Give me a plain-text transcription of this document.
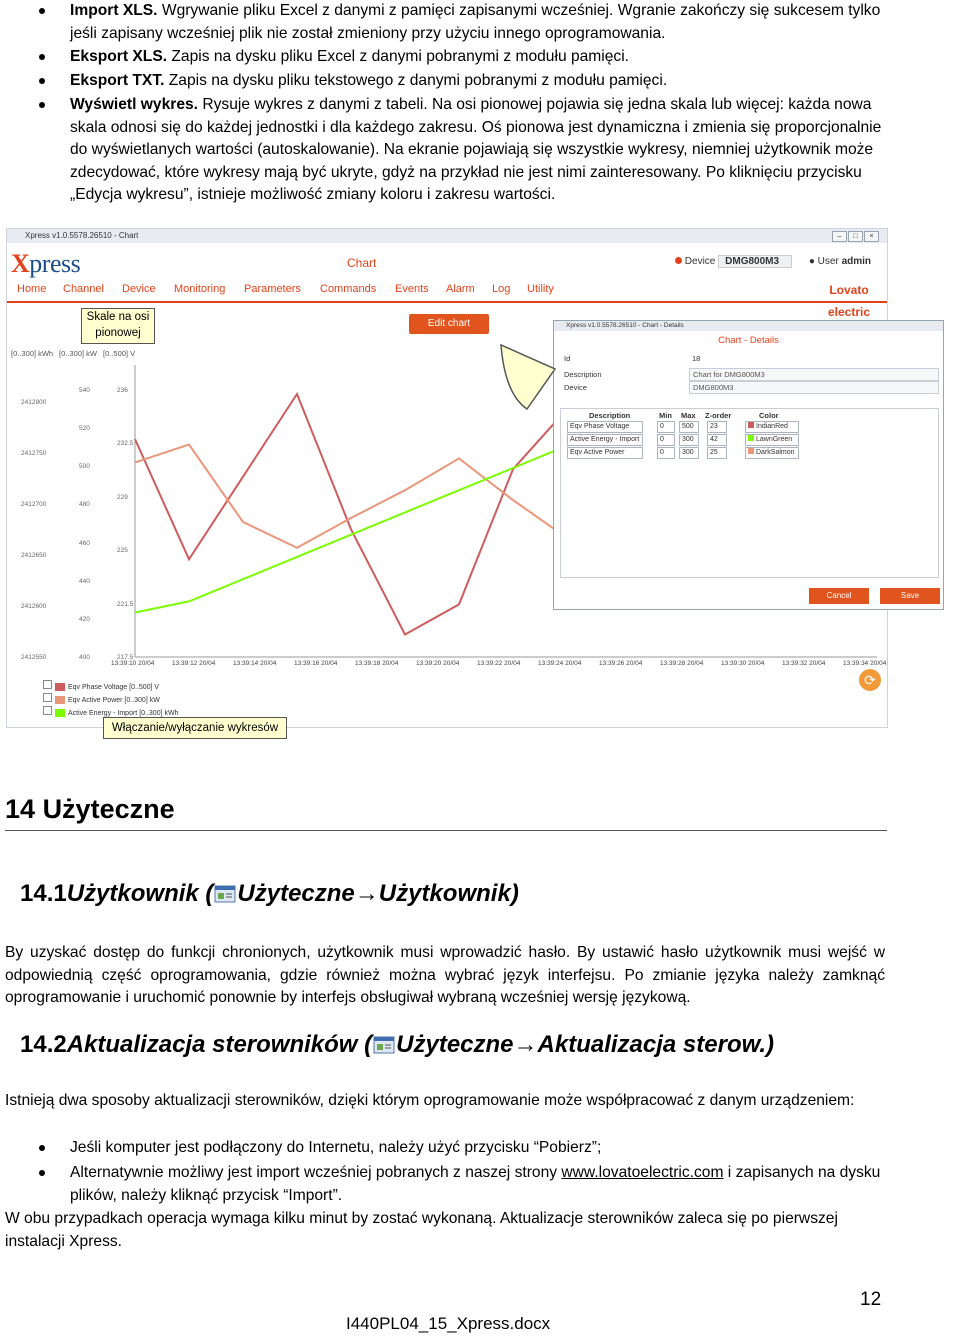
Import XLS. Wgrywanie pliku Excel z danymi z pamięci zapisanymi wcześniej. Wgranie zakończy się sukcesem tylko jeśli zapisany wcześniej plik nie został zmieniony przy użyciu innego oprogramowania.
Eksport XLS. Zapis na dysku pliku Excel z danymi pobranymi z modułu pamięci.
Eksport TXT. Zapis na dysku pliku tekstowego z danymi pobranymi z modułu pamięci.
Wyświetl wykres. Rysuje wykres z danymi z tabeli. Na osi pionowej pojawia się jedna skala lub więcej: każda nowa skala odnosi się do każdej jednostki i dla każdego zakresu. Oś pionowa jest dynamiczna i zmienia się proporcjonalnie do wyświetlanych wartości (autoskalowanie). Na ekranie pojawiają się wszystkie wykresy, niemniej użytkownik może zdecydować, które wykresy mają być ukryte, gdyż na przykład nie jest nimi zainteresowany. Po kliknięciu przycisku „Edycja wykresu”, istnieje możliwość zmiany koloru i zakresu wartości.
Xpress v1.0.5578.26510 - Chart	–	□	×
Xpress	Chart	Device DMG800M3	● User admin
Home Channel Device Monitoring Parameters Commands Events Alarm Log Utility	Lovato electric
Edit chart
[0..300] kWh [0..300] kW [0..500] V
2412800
2412750
2412700
2412650
2412600
2412550
540
520
500
480
460
440
420
400
236
232.5
229
225
221.5
217.5
13:39:10 20/04	13:39:12 20/04	13:39:14 20/04	13:39:16 20/04	13:39:18 20/04	13:39:20 20/04	13:39:22 20/04	13:39:24 20/04	13:39:26 20/04	13:39:28 20/04	13:39:30 20/04	13:39:32 20/04	13:39:34 20/04
Eqv Phase Voltage [0..500] V
Eqv Active Power [0..300] kW
Active Energy - Import [0..300] kWh
⟳
Xpress v1.0.5578.26510 - Chart - Details
Chart - Details
Id	18
Description	Chart for DMG800M3
Device	DMG800M3
Description	Min Max Z-order	Color
Eqv Phase Voltage	0	500	23	IndianRed
Active Energy - Import	0	300	42	LawnGreen
Eqv Active Power	0	300	25	DarkSalmon
Cancel	Save
Skale na osi pionowej
Włączanie/wyłączanie wykresów
14 Użyteczne
14.1Użytkownik ( Użyteczne→Użytkownik)
By uzyskać dostęp do funkcji chronionych, użytkownik musi wprowadzić hasło. By ustawić hasło użytkownik musi wejść w odpowiednią część oprogramowania, gdzie również można wybrać język interfejsu. Po zmianie języka należy zamknąć oprogramowanie i uruchomić ponownie by interfejs obsługiwał wybraną wcześniej wersję językową.
14.2Aktualizacja sterowników ( Użyteczne→Aktualizacja sterow.)
Istnieją dwa sposoby aktualizacji sterowników, dzięki którym oprogramowanie może współpracować z danym urządzeniem:
Jeśli komputer jest podłączony do Internetu, należy użyć przycisku “Pobierz”;
Alternatywnie możliwy jest import wcześniej pobranych z naszej strony www.lovatoelectric.com i zapisanych na dysku plików, należy kliknąć przycisk “Import”.
W obu przypadkach operacja wymaga kilku minut by zostać wykonaną. Aktualizacje sterowników zaleca się po pierwszej instalacji Xpress.
12
I440PL04_15_Xpress.docx
